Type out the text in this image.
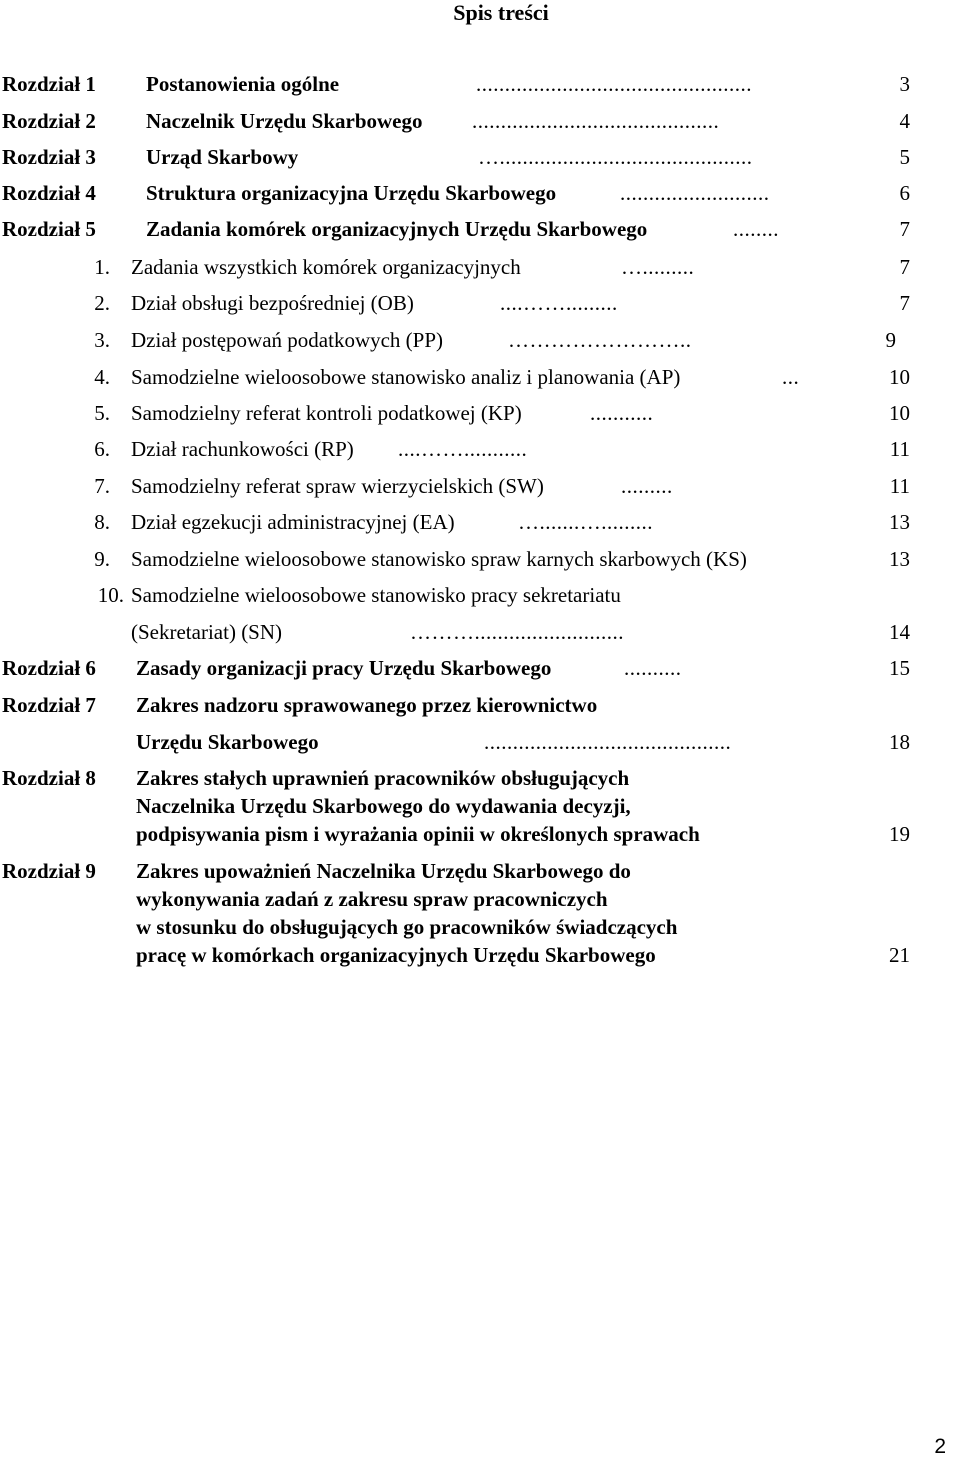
Spis treści
Rozdział 1 Postanowienia ogólne	................................................	3
Rozdział 2 Naczelnik Urzędu Skarbowego ...........................................	4
Rozdział 3 Urząd Skarbowy	…............................................	5
Rozdział 4 Struktura organizacyjna Urzędu Skarbowego	..........................	6
Rozdział 5 Zadania komórek organizacyjnych Urzędu Skarbowego	........	7
1. Zadania wszystkich komórek organizacyjnych	….........	7
2. Dział obsługi bezpośredniej (OB)	....…….........	7
3. Dział postępowań podatkowych (PP)	……………………..	9
4. Samodzielne wieloosobowe stanowisko analiz i planowania (AP)	...	10
5. Samodzielny referat kontroli podatkowej (KP)	...........	10
6. Dział rachunkowości (RP) ....……...........	11
7. Samodzielny referat spraw wierzycielskich (SW)	.........	11
8. Dział egzekucji administracyjnej (EA)	….......….........	13
9. Samodzielne wieloosobowe stanowisko spraw karnych skarbowych (KS)	13
10. Samodzielne wieloosobowe stanowisko pracy sekretariatu
(Sekretariat) (SN)	………..........................	14
Rozdział 6 Zasady organizacji pracy Urzędu Skarbowego	..........	15
Rozdział 7 Zakres nadzoru sprawowanego przez kierownictwo
Urzędu Skarbowego	...........................................	18
Rozdział 8 Zakres stałych uprawnień pracowników obsługujących
Naczelnika Urzędu Skarbowego do wydawania decyzji,
podpisywania pism i wyrażania opinii w określonych sprawach	19
Rozdział 9 Zakres upoważnień Naczelnika Urzędu Skarbowego do
wykonywania zadań z zakresu spraw pracowniczych
w stosunku do obsługujących go pracowników świadczących
pracę w komórkach organizacyjnych Urzędu Skarbowego	21
2
